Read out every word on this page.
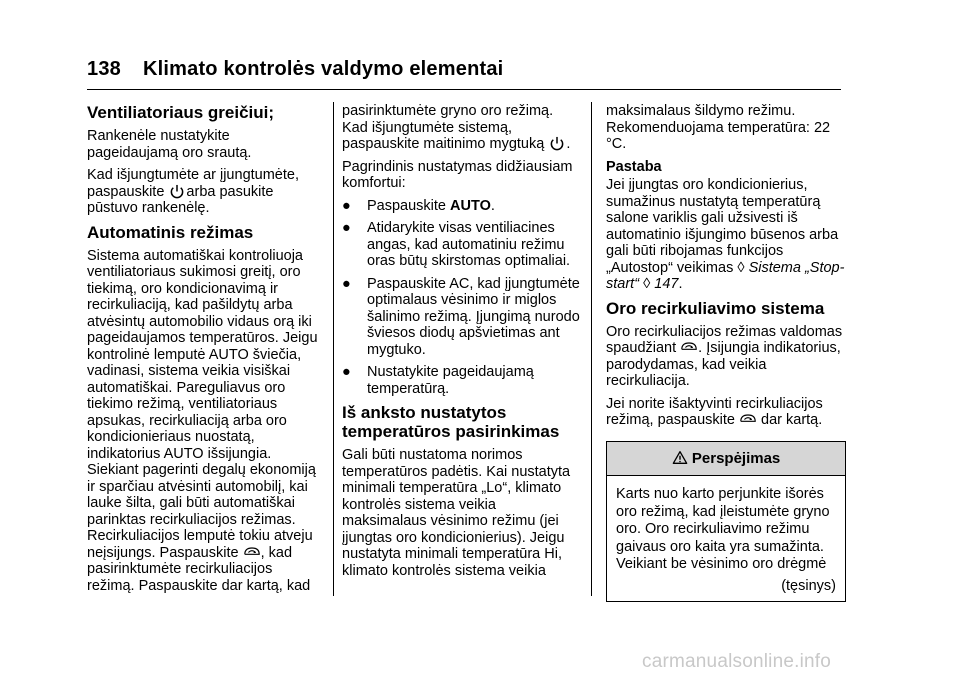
138 Klimato kontrolės valdymo elementai
Ventiliatoriaus greičiui;

Rankenėle nustatykite pageidaujamą oro srautą.

Kad išjungtumėte ar įjungtumėte, paspauskite arba pasukite pūstuvo rankenėlę.

Automatinis režimas

Sistema automatiškai kontroliuoja ventiliatoriaus sukimosi greitį, oro tiekimą, oro kondicionavimą ir recirkuliaciją, kad pašildytų arba atvėsintų automobilio vidaus orą iki pageidaujamos temperatūros. Jeigu kontrolinė lemputė AUTO šviečia, vadinasi, sistema veikia visiškai automatiškai. Pareguliavus oro tiekimo režimą, ventiliatoriaus apsukas, recirkuliaciją arba oro kondicionieriaus nuostatą, indikatorius AUTO išsijungia. Siekiant pagerinti degalų ekonomiją ir sparčiau atvėsinti automobilį, kai lauke šilta, gali būti automatiškai parinktas recirkuliacijos režimas. Recirkuliacijos lemputė tokiu atveju neįsijungs. Paspauskite , kad pasirinktumėte recirkuliacijos režimą. Paspauskite dar kartą, kad

pasirinktumėte gryno oro režimą. Kad išjungtumėte sistemą, paspauskite maitinimo mygtuką .

Pagrindinis nustatymas didžiausiam komfortui:

●	Paspauskite AUTO.
●	Atidarykite visas ventiliacines angas, kad automatiniu režimu oras būtų skirstomas optimaliai.
●	Paspauskite AC, kad įjungtumėte optimalaus vėsinimo ir miglos šalinimo režimą. Įjungimą nurodo šviesos diodų apšvietimas ant mygtuko.
●	Nustatykite pageidaujamą temperatūrą.
Iš anksto nustatytos temperatūros pasirinkimas

Gali būti nustatoma norimos temperatūros padėtis. Kai nustatyta minimali temperatūra „Lo“, klimato kontrolės sistema veikia maksimalaus vėsinimo režimu (jei įjungtas oro kondicionierius). Jeigu nustatyta minimali temperatūra Hi, klimato kontrolės sistema veikia

maksimalaus šildymo režimu. Rekomenduojama temperatūra: 22 °C.

Pastaba

Jei įjungtas oro kondicionierius, sumažinus nustatytą temperatūrą salone variklis gali užsivesti iš automatinio išjungimo būsenos arba gali būti ribojamas funkcijos „Autostop“ veikimas ◊ Sistema „Stop-start“ ◊ 147.

Oro recirkuliavimo sistema

Oro recirkuliacijos režimas valdomas spaudžiant . Įsijungia indikatorius, parodydamas, kad veikia recirkuliacija.

Jei norite išaktyvinti recirkuliacijos režimą, paspauskite dar kartą.

Perspėjimas
Karts nuo karto perjunkite išorės oro režimą, kad įleistumėte gryno oro. Oro recirkuliavimo režimu gaivaus oro kaita yra sumažinta. Veikiant be vėsinimo oro drėgmė
(tęsinys)
carmanualsonline.info
